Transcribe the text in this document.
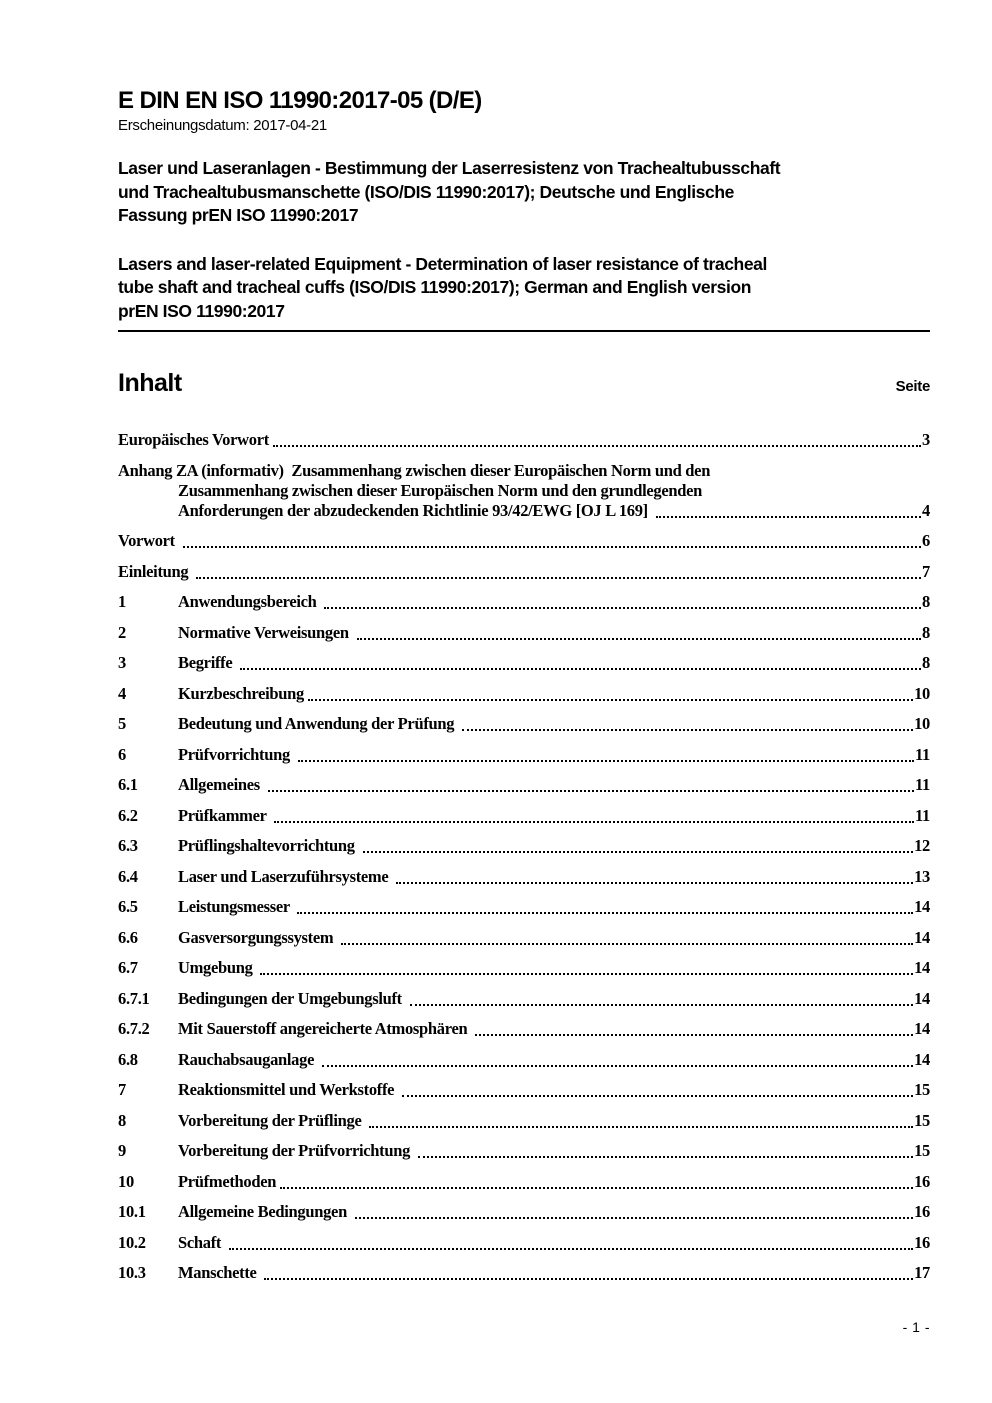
E DIN EN ISO 11990:2017-05 (D/E)
Erscheinungsdatum: 2017-04-21
Laser und Laseranlagen - Bestimmung der Laserresistenz von Trachealtubusschaft
und Trachealtubusmanschette (ISO/DIS 11990:2017); Deutsche und Englische
Fassung prEN ISO 11990:2017
Lasers and laser-related Equipment - Determination of laser resistance of tracheal
tube shaft and tracheal cuffs (ISO/DIS 11990:2017); German and English version
prEN ISO 11990:2017
Inhalt	Seite
Europäisches Vorwort	3
Anhang ZA (informativ)  Zusammenhang zwischen dieser Europäischen Norm und den
Zusammenhang zwischen dieser Europäischen Norm und den grundlegenden
Anforderungen der abzudeckenden Richtlinie 93/42/EWG [OJ L 169]	4
Vorwort	6
Einleitung	7
1	Anwendungsbereich	8
2	Normative Verweisungen	8
3	Begriffe	8
4	Kurzbeschreibung	10
5	Bedeutung und Anwendung der Prüfung	10
6	Prüfvorrichtung	11
6.1	Allgemeines	11
6.2	Prüfkammer	11
6.3	Prüflingshaltevorrichtung	12
6.4	Laser und Laserzuführsysteme	13
6.5	Leistungsmesser	14
6.6	Gasversorgungssystem	14
6.7	Umgebung	14
6.7.1	Bedingungen der Umgebungsluft	14
6.7.2	Mit Sauerstoff angereicherte Atmosphären	14
6.8	Rauchabsauganlage	14
7	Reaktionsmittel und Werkstoffe	15
8	Vorbereitung der Prüflinge	15
9	Vorbereitung der Prüfvorrichtung	15
10	Prüfmethoden	16
10.1	Allgemeine Bedingungen	16
10.2	Schaft	16
10.3	Manschette	17
- 1 -
